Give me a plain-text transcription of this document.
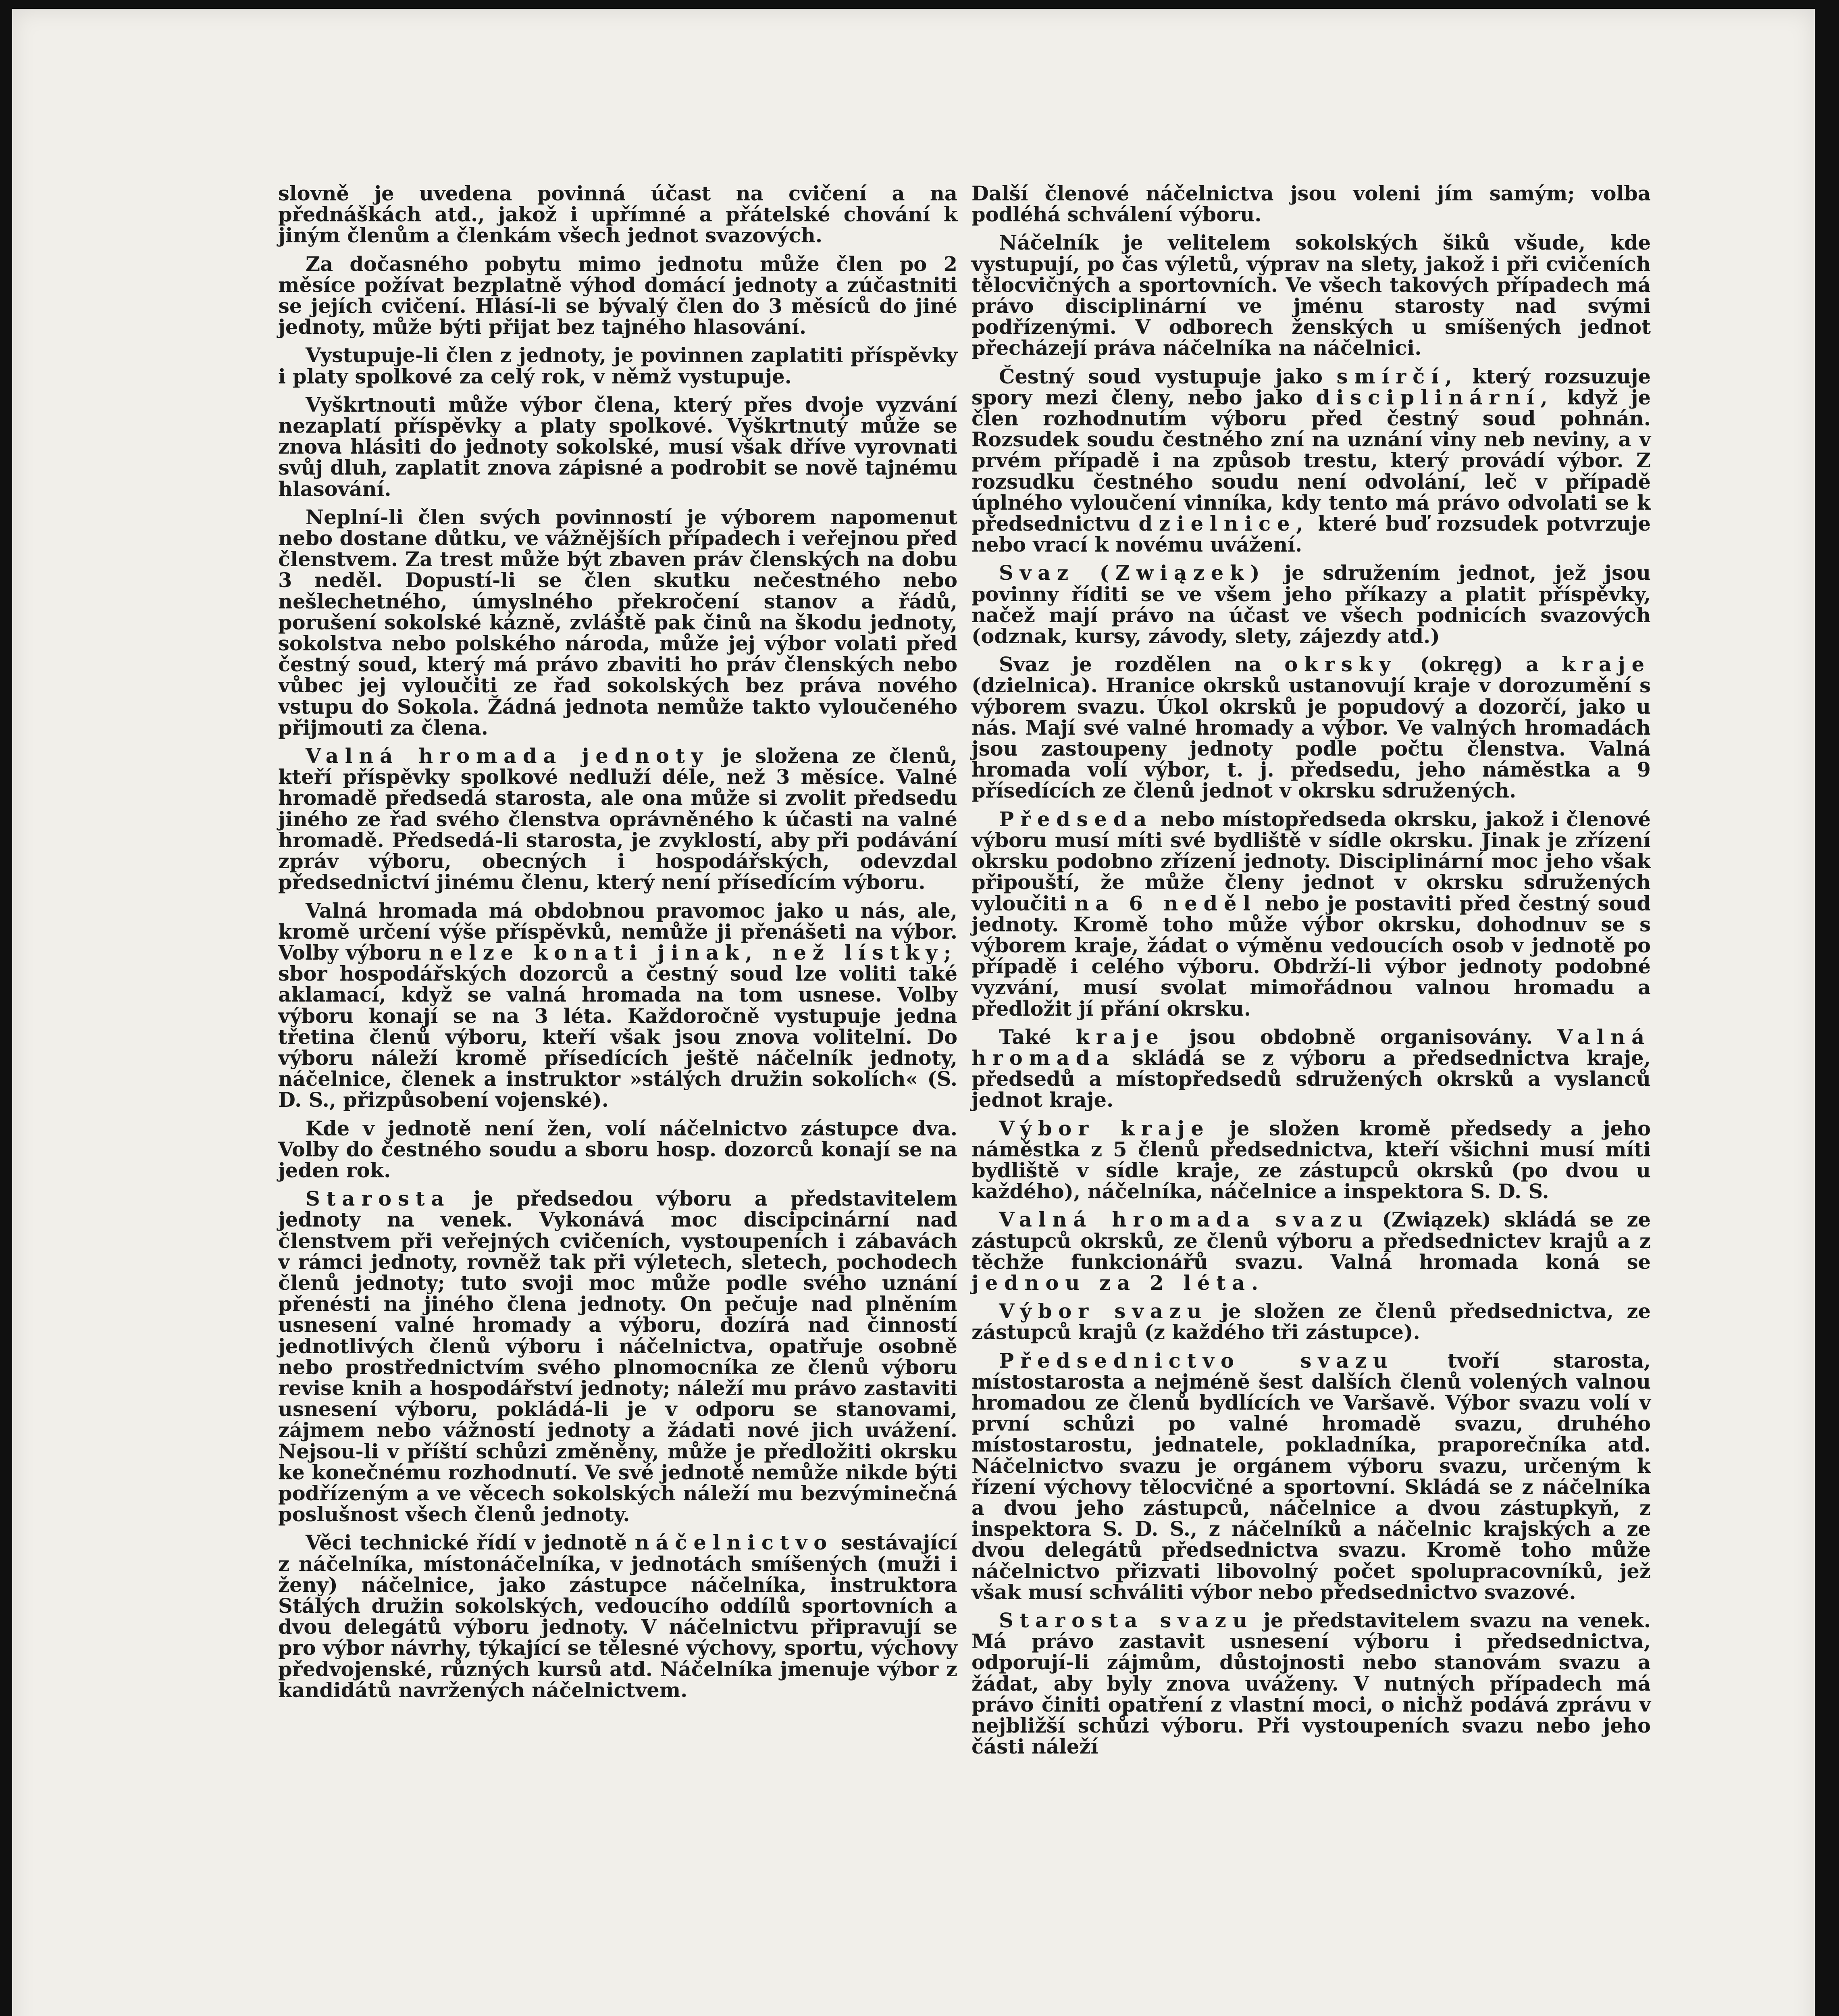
slovně je uvedena povinná účast na cvičení a na přednáškách atd., jakož i upřímné a přátelské chování k jiným členům a členkám všech jednot svazových.

Za dočasného pobytu mimo jednotu může člen po 2 měsíce požívat bezplatně výhod domácí jednoty a zúčastniti se jejích cvičení. Hlásí-li se bývalý člen do 3 měsíců do jiné jednoty, může býti přijat bez tajného hlasování.

Vystupuje-li člen z jednoty, je povinnen zaplatiti příspěvky i platy spolkové za celý rok, v němž vystupuje.

Vyškrtnouti může výbor člena, který přes dvoje vyzvání nezaplatí příspěvky a platy spolkové. Vyškrtnutý může se znova hlásiti do jednoty sokolské, musí však dříve vyrovnati svůj dluh, zaplatit znova zápisné a podrobit se nově tajnému hlasování.

Neplní-li člen svých povinností je výborem napomenut nebo dostane důtku, ve vážnějších případech i veřejnou před členstvem. Za trest může být zbaven práv členských na dobu 3 neděl. Dopustí-li se člen skutku nečestného nebo nešlechetného, úmyslného překročení stanov a řádů, porušení sokolské kázně, zvláště pak činů na škodu jednoty, sokolstva nebo polského národa, může jej výbor volati před čestný soud, který má právo zbaviti ho práv členských nebo vůbec jej vyloučiti ze řad sokolských bez práva nového vstupu do Sokola. Žádná jednota nemůže takto vyloučeného přijmouti za člena.

Valná hromada jednoty je složena ze členů, kteří příspěvky spolkové nedluží déle, než 3 měsíce. Valné hromadě předsedá starosta, ale ona může si zvolit předsedu jiného ze řad svého členstva oprávněného k účasti na valné hromadě. Předsedá-li starosta, je zvyklostí, aby při podávání zpráv výboru, obecných i hospodářských, odevzdal předsednictví jinému členu, který není přísedícím výboru.

Valná hromada má obdobnou pravomoc jako u nás, ale, kromě určení výše příspěvků, nemůže ji přenášeti na výbor. Volby výboru nelze konati jinak, než lístky; sbor hospodářských dozorců a čestný soud lze voliti také aklamací, když se valná hromada na tom usnese. Volby výboru konají se na 3 léta. Každoročně vystupuje jedna třetina členů výboru, kteří však jsou znova volitelní. Do výboru náleží kromě přísedících ještě náčelník jednoty, náčelnice, členek a instruktor »stálých družin sokolích« (S. D. S., přizpůsobení vojenské).

Kde v jednotě není žen, volí náčelnictvo zástupce dva. Volby do čestného soudu a sboru hosp. dozorců konají se na jeden rok.

Starosta je předsedou výboru a představitelem jednoty na venek. Vykonává moc discipcinární nad členstvem při veřejných cvičeních, vystoupeních i zábavách v rámci jednoty, rovněž tak při výletech, sletech, pochodech členů jednoty; tuto svoji moc může podle svého uznání přenésti na jiného člena jednoty. On pečuje nad plněním usnesení valné hromady a výboru, dozírá nad činností jednotlivých členů výboru i náčelnictva, opatřuje osobně nebo prostřednictvím svého plnomocníka ze členů výboru revise knih a hospodářství jednoty; náleží mu právo zastaviti usnesení výboru, pokládá-li je v odporu se stanovami, zájmem nebo vážností jednoty a žádati nové jich uvážení. Nejsou-li v příští schůzi změněny, může je předložiti okrsku ke konečnému rozhodnutí. Ve své jednotě nemůže nikde býti podřízeným a ve věcech sokolských náleží mu bezvýminečná poslušnost všech členů jednoty.

Věci technické řídí v jednotě náčelnictvo sestávající z náčelníka, místonáčelníka, v jednotách smíšených (muži i ženy) náčelnice, jako zástupce náčelníka, instruktora Stálých družin sokolských, vedoucího oddílů sportovních a dvou delegátů výboru jednoty. V náčelnictvu připravují se pro výbor návrhy, týkající se tělesné výchovy, sportu, výchovy předvojenské, různých kursů atd. Náčelníka jmenuje výbor z kandidátů navržených náčelnictvem.

Další členové náčelnictva jsou voleni jím samým; volba podléhá schválení výboru.

Náčelník je velitelem sokolských šiků všude, kde vystupují, po čas výletů, výprav na slety, jakož i při cvičeních tělocvičných a sportovních. Ve všech takových případech má právo disciplinární ve jménu starosty nad svými podřízenými. V odborech ženských u smíšených jednot přecházejí práva náčelníka na náčelnici.

Čestný soud vystupuje jako smírčí, který rozsuzuje spory mezi členy, nebo jako disciplinární, když je člen rozhodnutím výboru před čestný soud pohnán. Rozsudek soudu čestného zní na uznání viny neb neviny, a v prvém případě i na způsob trestu, který provádí výbor. Z rozsudku čestného soudu není odvolání, leč v případě úplného vyloučení vinníka, kdy tento má právo odvolati se k předsednictvu dzielnice, které buď rozsudek potvrzuje nebo vrací k novému uvážení.

Svaz (Związek) je sdružením jednot, jež jsou povinny říditi se ve všem jeho příkazy a platit příspěvky, načež mají právo na účast ve všech podnicích svazových (odznak, kursy, závody, slety, zájezdy atd.)

Svaz je rozdělen na okrsky (okręg) a kraje (dzielnica). Hranice okrsků ustanovují kraje v dorozumění s výborem svazu. Úkol okrsků je popudový a dozorčí, jako u nás. Mají své valné hromady a výbor. Ve valných hromadách jsou zastoupeny jednoty podle počtu členstva. Valná hromada volí výbor, t. j. předsedu, jeho náměstka a 9 přísedících ze členů jednot v okrsku sdružených.

Předseda nebo místopředseda okrsku, jakož i členové výboru musí míti své bydliště v sídle okrsku. Jinak je zřízení okrsku podobno zřízení jednoty. Disciplinární moc jeho však připouští, že může členy jednot v okrsku sdružených vyloučiti na 6 neděl nebo je postaviti před čestný soud jednoty. Kromě toho může výbor okrsku, dohodnuv se s výborem kraje, žádat o výměnu vedoucích osob v jednotě po případě i celého výboru. Obdrží-li výbor jednoty podobné vyzvání, musí svolat mimořádnou valnou hromadu a předložit jí přání okrsku.

Také kraje jsou obdobně organisovány. Valná hromada skládá se z výboru a předsednictva kraje, předsedů a místopředsedů sdružených okrsků a vyslanců jednot kraje.

Výbor kraje je složen kromě předsedy a jeho náměstka z 5 členů předsednictva, kteří všichni musí míti bydliště v sídle kraje, ze zástupců okrsků (po dvou u každého), náčelníka, náčelnice a inspektora S. D. S.

Valná hromada svazu (Związek) skládá se ze zástupců okrsků, ze členů výboru a předsednictev krajů a z těchže funkcionářů svazu. Valná hromada koná se jednou za 2 léta.

Výbor svazu je složen ze členů předsednictva, ze zástupců krajů (z každého tři zástupce).

Předsednictvo svazu	tvoří starosta, místostarosta a nejméně šest dalších členů volených valnou hromadou ze členů bydlících ve Varšavě. Výbor svazu volí v první schůzi po valné hromadě svazu, druhého místostarostu, jednatele, pokladníka, praporečníka atd. Náčelnictvo svazu je orgánem výboru svazu, určeným k řízení výchovy tělocvičné a sportovní. Skládá se z náčelníka a dvou jeho zástupců, náčelnice a dvou zástupkyň, z inspektora S. D. S., z náčelníků a náčelnic krajských a ze dvou delegátů předsednictva svazu. Kromě toho může náčelnictvo přizvati libovolný počet spolupracovníků, jež však musí schváliti výbor nebo předsednictvo svazové.

Starosta svazu je představitelem svazu na venek. Má právo zastavit usnesení výboru i předsednictva, odporují-li zájmům, důstojnosti nebo stanovám svazu a žádat, aby byly znova uváženy. V nutných případech má právo činiti opatření z vlastní moci, o nichž podává zprávu v nejbližší schůzi výboru. Při vystoupeních svazu nebo jeho části náleží
